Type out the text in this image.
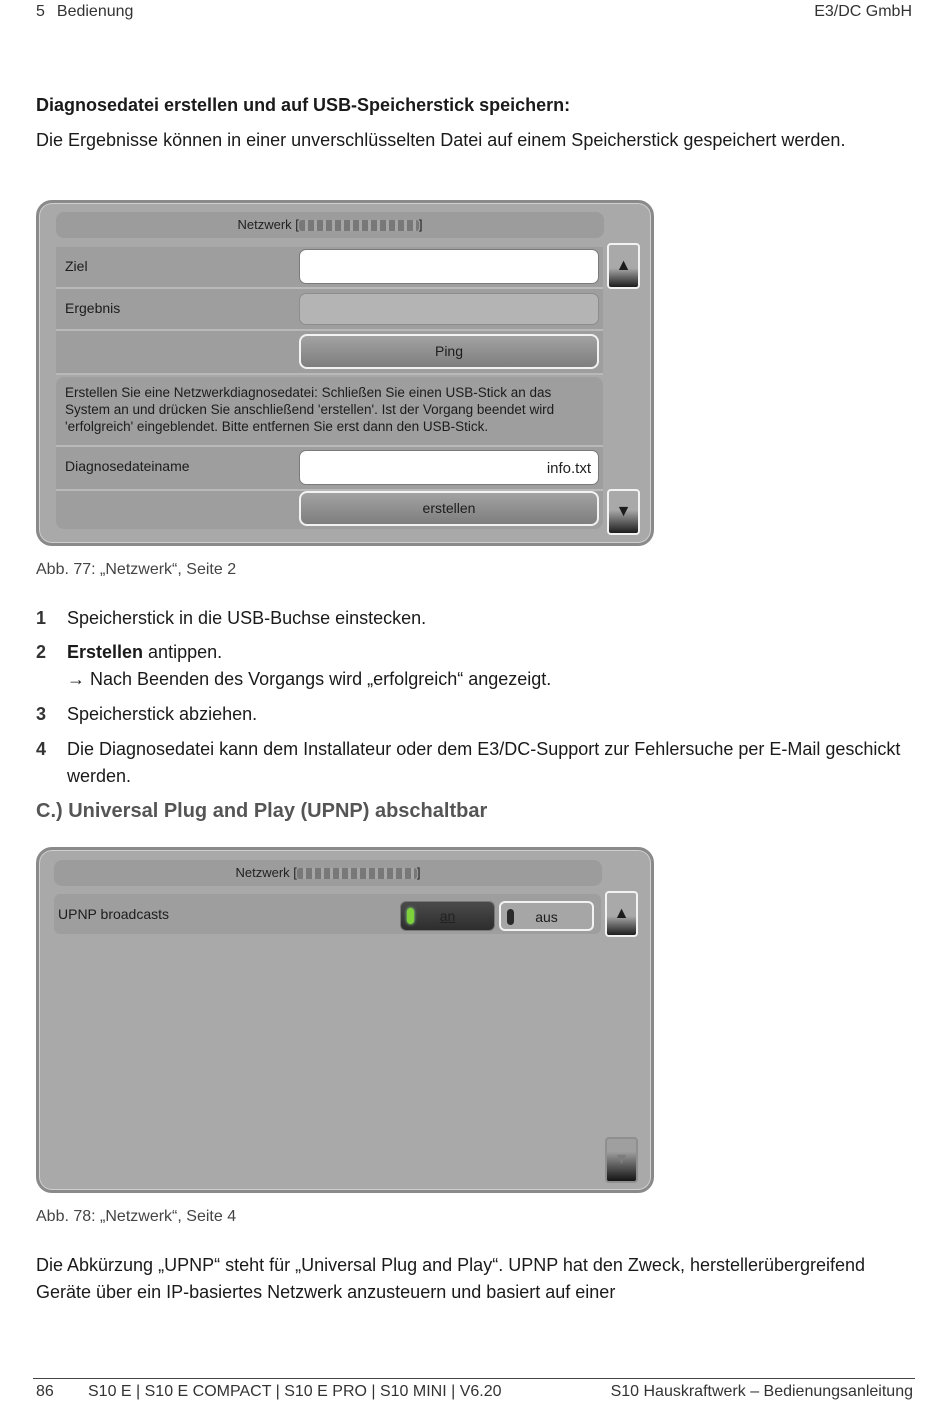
5 Bedienung	E3/DC GmbH
Diagnosedatei erstellen und auf USB-Speicherstick speichern:
Die Ergebnisse können in einer unverschlüsselten Datei auf einem Speicherstick gespeichert werden.
Netzwerk [	]
Ziel
Ergebnis
Ping
Erstellen Sie eine Netzwerkdiagnosedatei: Schließen Sie einen USB-Stick an das System an und drücken Sie anschließend 'erstellen'. Ist der Vorgang beendet wird 'erfolgreich' eingeblendet. Bitte entfernen Sie erst dann den USB-Stick.
Diagnosedateiname	info.txt
erstellen
▲
▼
Abb. 77: „Netzwerk“, Seite 2
1 Speicherstick in die USB-Buchse einstecken.
2 Erstellen antippen.
→ Nach Beenden des Vorgangs wird „erfolgreich“ angezeigt.
3 Speicherstick abziehen.
4 Die Diagnosedatei kann dem Installateur oder dem E3/DC-Support zur Fehlersuche per E-Mail geschickt werden.
C.) Universal Plug and Play (UPNP) abschaltbar
Netzwerk [	]
UPNP broadcasts	an	aus	▲
▼
Abb. 78: „Netzwerk“, Seite 4
Die Abkürzung „UPNP“ steht für „Universal Plug and Play“. UPNP hat den Zweck, herstellerübergreifend Geräte über ein IP-basiertes Netzwerk anzusteuern und basiert auf einer
86 S10 E | S10 E COMPACT | S10 E PRO | S10 MINI | V6.20	S10 Hauskraftwerk – Bedienungsanleitung
